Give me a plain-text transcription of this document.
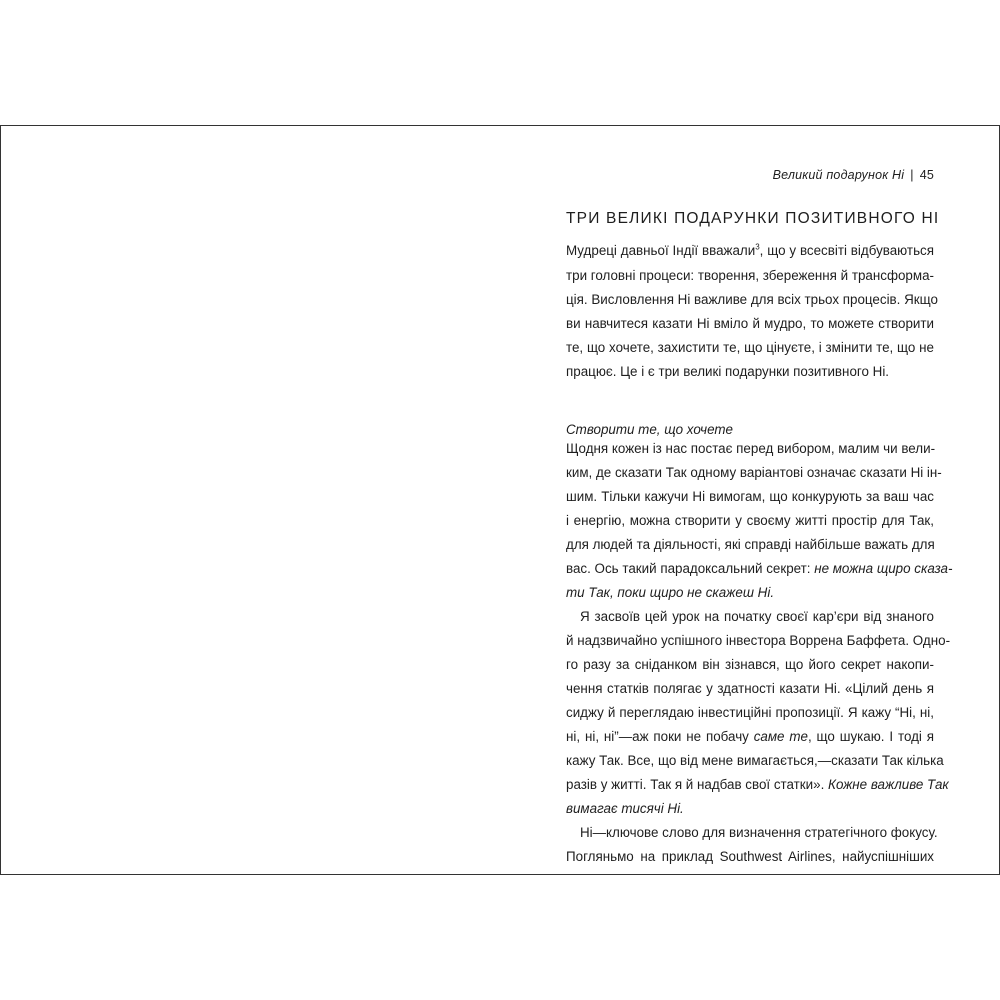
Великий подарунок Ні | 45
ТРИ ВЕЛИКІ ПОДАРУНКИ ПОЗИТИВНОГО НІ
Мудреці давньої Індії вважали$^3$, що у всесвіті відбуваються
три головні процеси: творення, збереження й трансформа-
ція. Висловлення Ні важливе для всіх трьох процесів. Якщо
ви навчитеся казати Ні вміло й мудро, то можете створити
те, що хочете, захистити те, що цінуєте, і змінити те, що не
працює. Це і є три великі подарунки позитивного Ні.
Створити те, що хочете
Щодня кожен із нас постає перед вибором, малим чи вели-
ким, де сказати Так одному варіантові означає сказати Ні ін-
шим. Тільки кажучи Ні вимогам, що конкурують за ваш час
і енергію, можна створити у своєму житті простір для Так,
для людей та діяльності, які справді найбільше важать для
вас. Ось такий парадоксальний секрет: не можна щиро сказа-
ти Так, поки щиро не скажеш Ні.
Я засвоїв цей урок на початку своєї кар’єри від знаного
й надзвичайно успішного інвестора Воррена Баффета. Одно-
го разу за сніданком він зізнався, що його секрет накопи-
чення статків полягає у здатності казати Ні. «Цілий день я
сиджу й переглядаю інвестиційні пропозиції. Я кажу “Ні, ні,
ні, ні, ні”—аж поки не побачу саме те, що шукаю. І тоді я
кажу Так. Все, що від мене вимагається,—сказати Так кілька
разів у житті. Так я й надбав свої статки». Кожне важливе Так
вимагає тисячі Ні.
Ні—ключове слово для визначення стратегічного фокусу.
Погляньмо на приклад Southwest Airlines, найуспішніших
